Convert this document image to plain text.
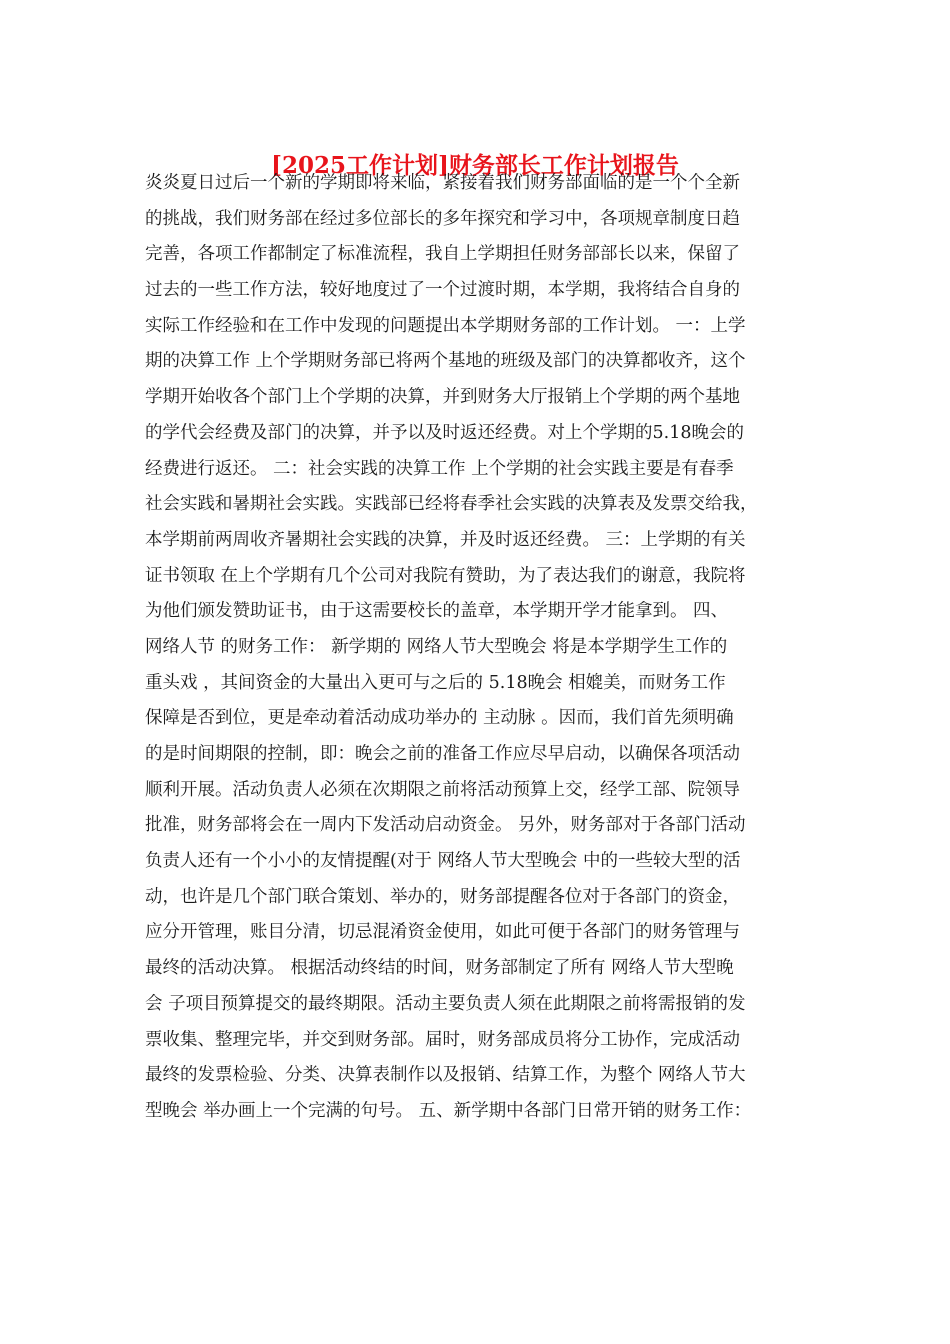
[2025工作计划]财务部长工作计划报告
炎炎夏日过后一个新的学期即将来临，紧接着我们财务部面临的是一个个全新
的挑战，我们财务部在经过多位部长的多年探究和学习中，各项规章制度日趋
完善，各项工作都制定了标准流程，我自上学期担任财务部部长以来，保留了
过去的一些工作方法，较好地度过了一个过渡时期，本学期，我将结合自身的
实际工作经验和在工作中发现的问题提出本学期财务部的工作计划。 一：上学
期的决算工作 上个学期财务部已将两个基地的班级及部门的决算都收齐，这个
学期开始收各个部门上个学期的决算，并到财务大厅报销上个学期的两个基地
的学代会经费及部门的决算，并予以及时返还经费。对上个学期的5.18晚会的
经费进行返还。 二：社会实践的决算工作 上个学期的社会实践主要是有春季
社会实践和暑期社会实践。实践部已经将春季社会实践的决算表及发票交给我，
本学期前两周收齐暑期社会实践的决算，并及时返还经费。 三：上学期的有关
证书领取 在上个学期有几个公司对我院有赞助，为了表达我们的谢意，我院将
为他们颁发赞助证书，由于这需要校长的盖章，本学期开学才能拿到。 四、
网络人节 的财务工作： 新学期的 网络人节大型晚会 将是本学期学生工作的
重头戏 ，其间资金的大量出入更可与之后的 5.18晚会 相媲美，而财务工作
保障是否到位，更是牵动着活动成功举办的 主动脉 。因而，我们首先须明确
的是时间期限的控制，即：晚会之前的准备工作应尽早启动，以确保各项活动
顺利开展。活动负责人必须在次期限之前将活动预算上交，经学工部、院领导
批准，财务部将会在一周内下发活动启动资金。 另外，财务部对于各部门活动
负责人还有一个小小的友情提醒(对于 网络人节大型晚会 中的一些较大型的活
动，也许是几个部门联合策划、举办的，财务部提醒各位对于各部门的资金，
应分开管理，账目分清，切忌混淆资金使用，如此可便于各部门的财务管理与
最终的活动决算。 根据活动终结的时间，财务部制定了所有 网络人节大型晚
会 子项目预算提交的最终期限。活动主要负责人须在此期限之前将需报销的发
票收集、整理完毕，并交到财务部。届时，财务部成员将分工协作，完成活动
最终的发票检验、分类、决算表制作以及报销、结算工作，为整个 网络人节大
型晚会 举办画上一个完满的句号。 五、新学期中各部门日常开销的财务工作：
